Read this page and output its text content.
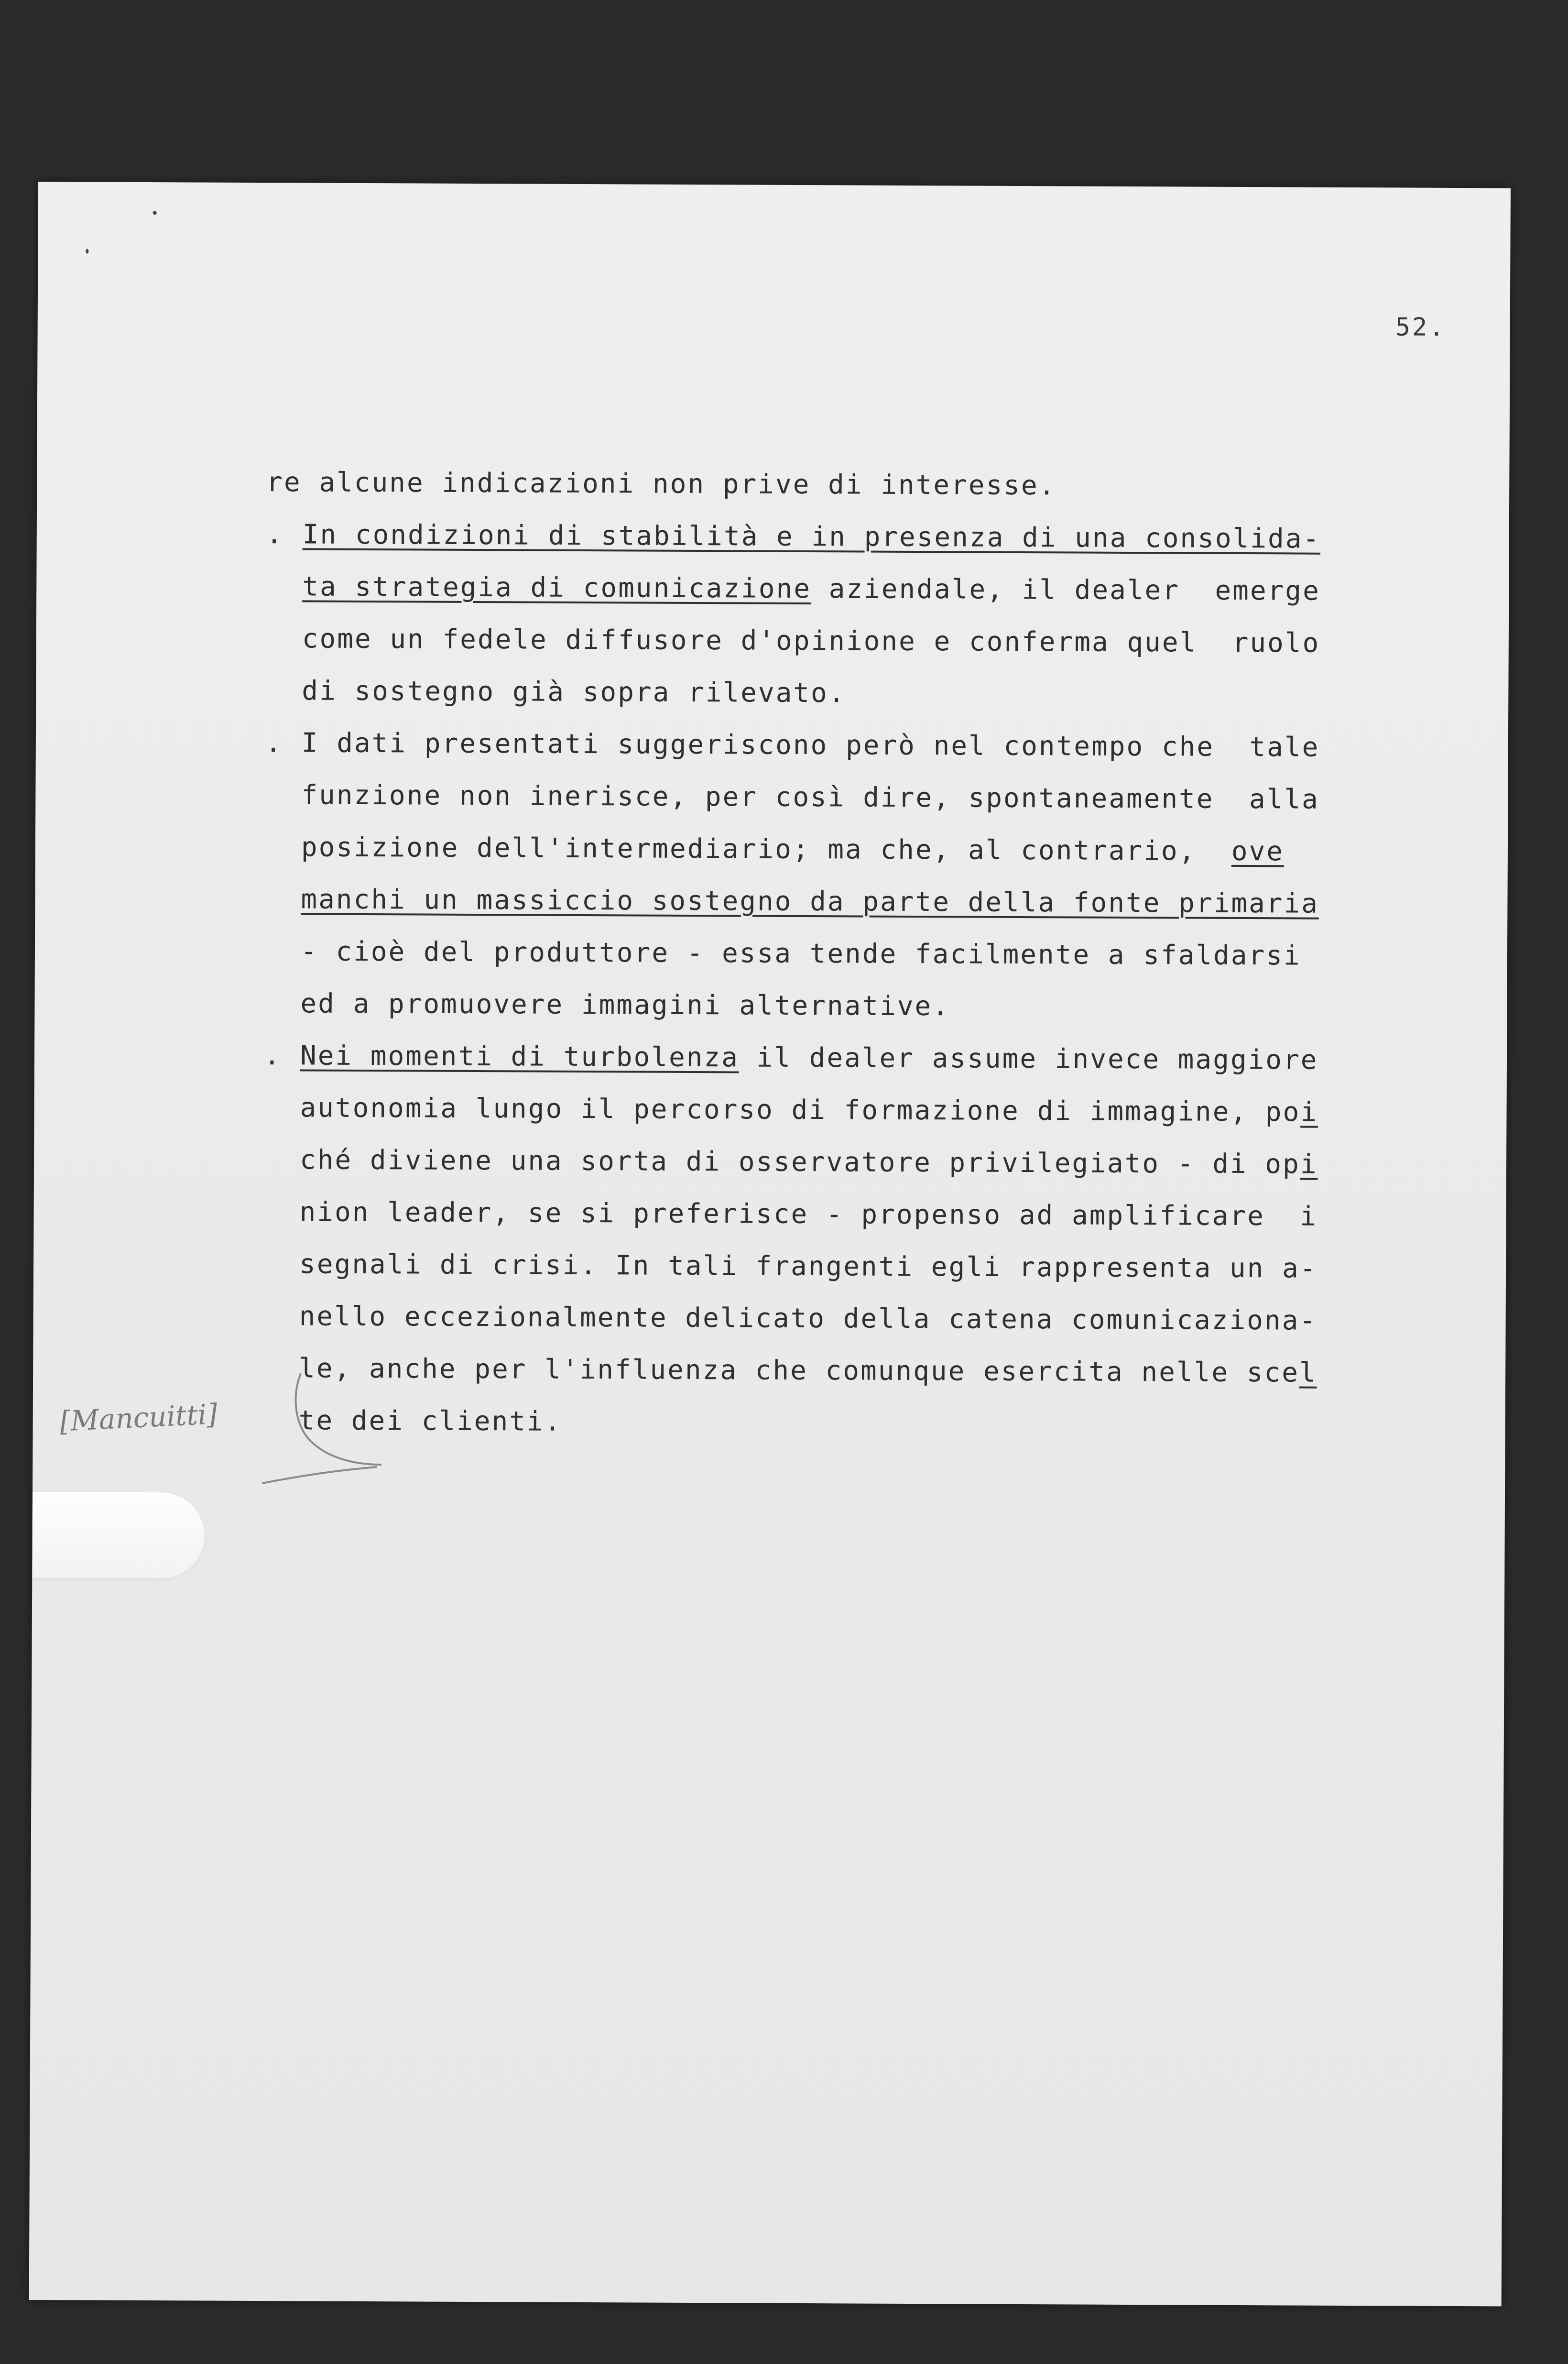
52.

re alcune indicazioni non prive di interesse.
. In condizioni di stabilità e in presenza di una consolida-
ta strategia di comunicazione aziendale, il dealer  emerge
come un fedele diffusore d'opinione e conferma quel  ruolo
di sostegno già sopra rilevato.
. I dati presentati suggeriscono però nel contempo che  tale
funzione non inerisce, per così dire, spontaneamente  alla
posizione dell'intermediario; ma che, al contrario,  ove
manchi un massiccio sostegno da parte della fonte primaria
- cioè del produttore - essa tende facilmente a sfaldarsi
ed a promuovere immagini alternative.
. Nei momenti di turbolenza il dealer assume invece maggiore
autonomia lungo il percorso di formazione di immagine, poi
ché diviene una sorta di osservatore privilegiato - di opi
nion leader, se si preferisce - propenso ad amplificare  i
segnali di crisi. In tali frangenti egli rappresenta un a-
nello eccezionalmente delicato della catena comunicaziona-
le, anche per l'influenza che comunque esercita nelle scel
te dei clienti.
[Mancuitti]
